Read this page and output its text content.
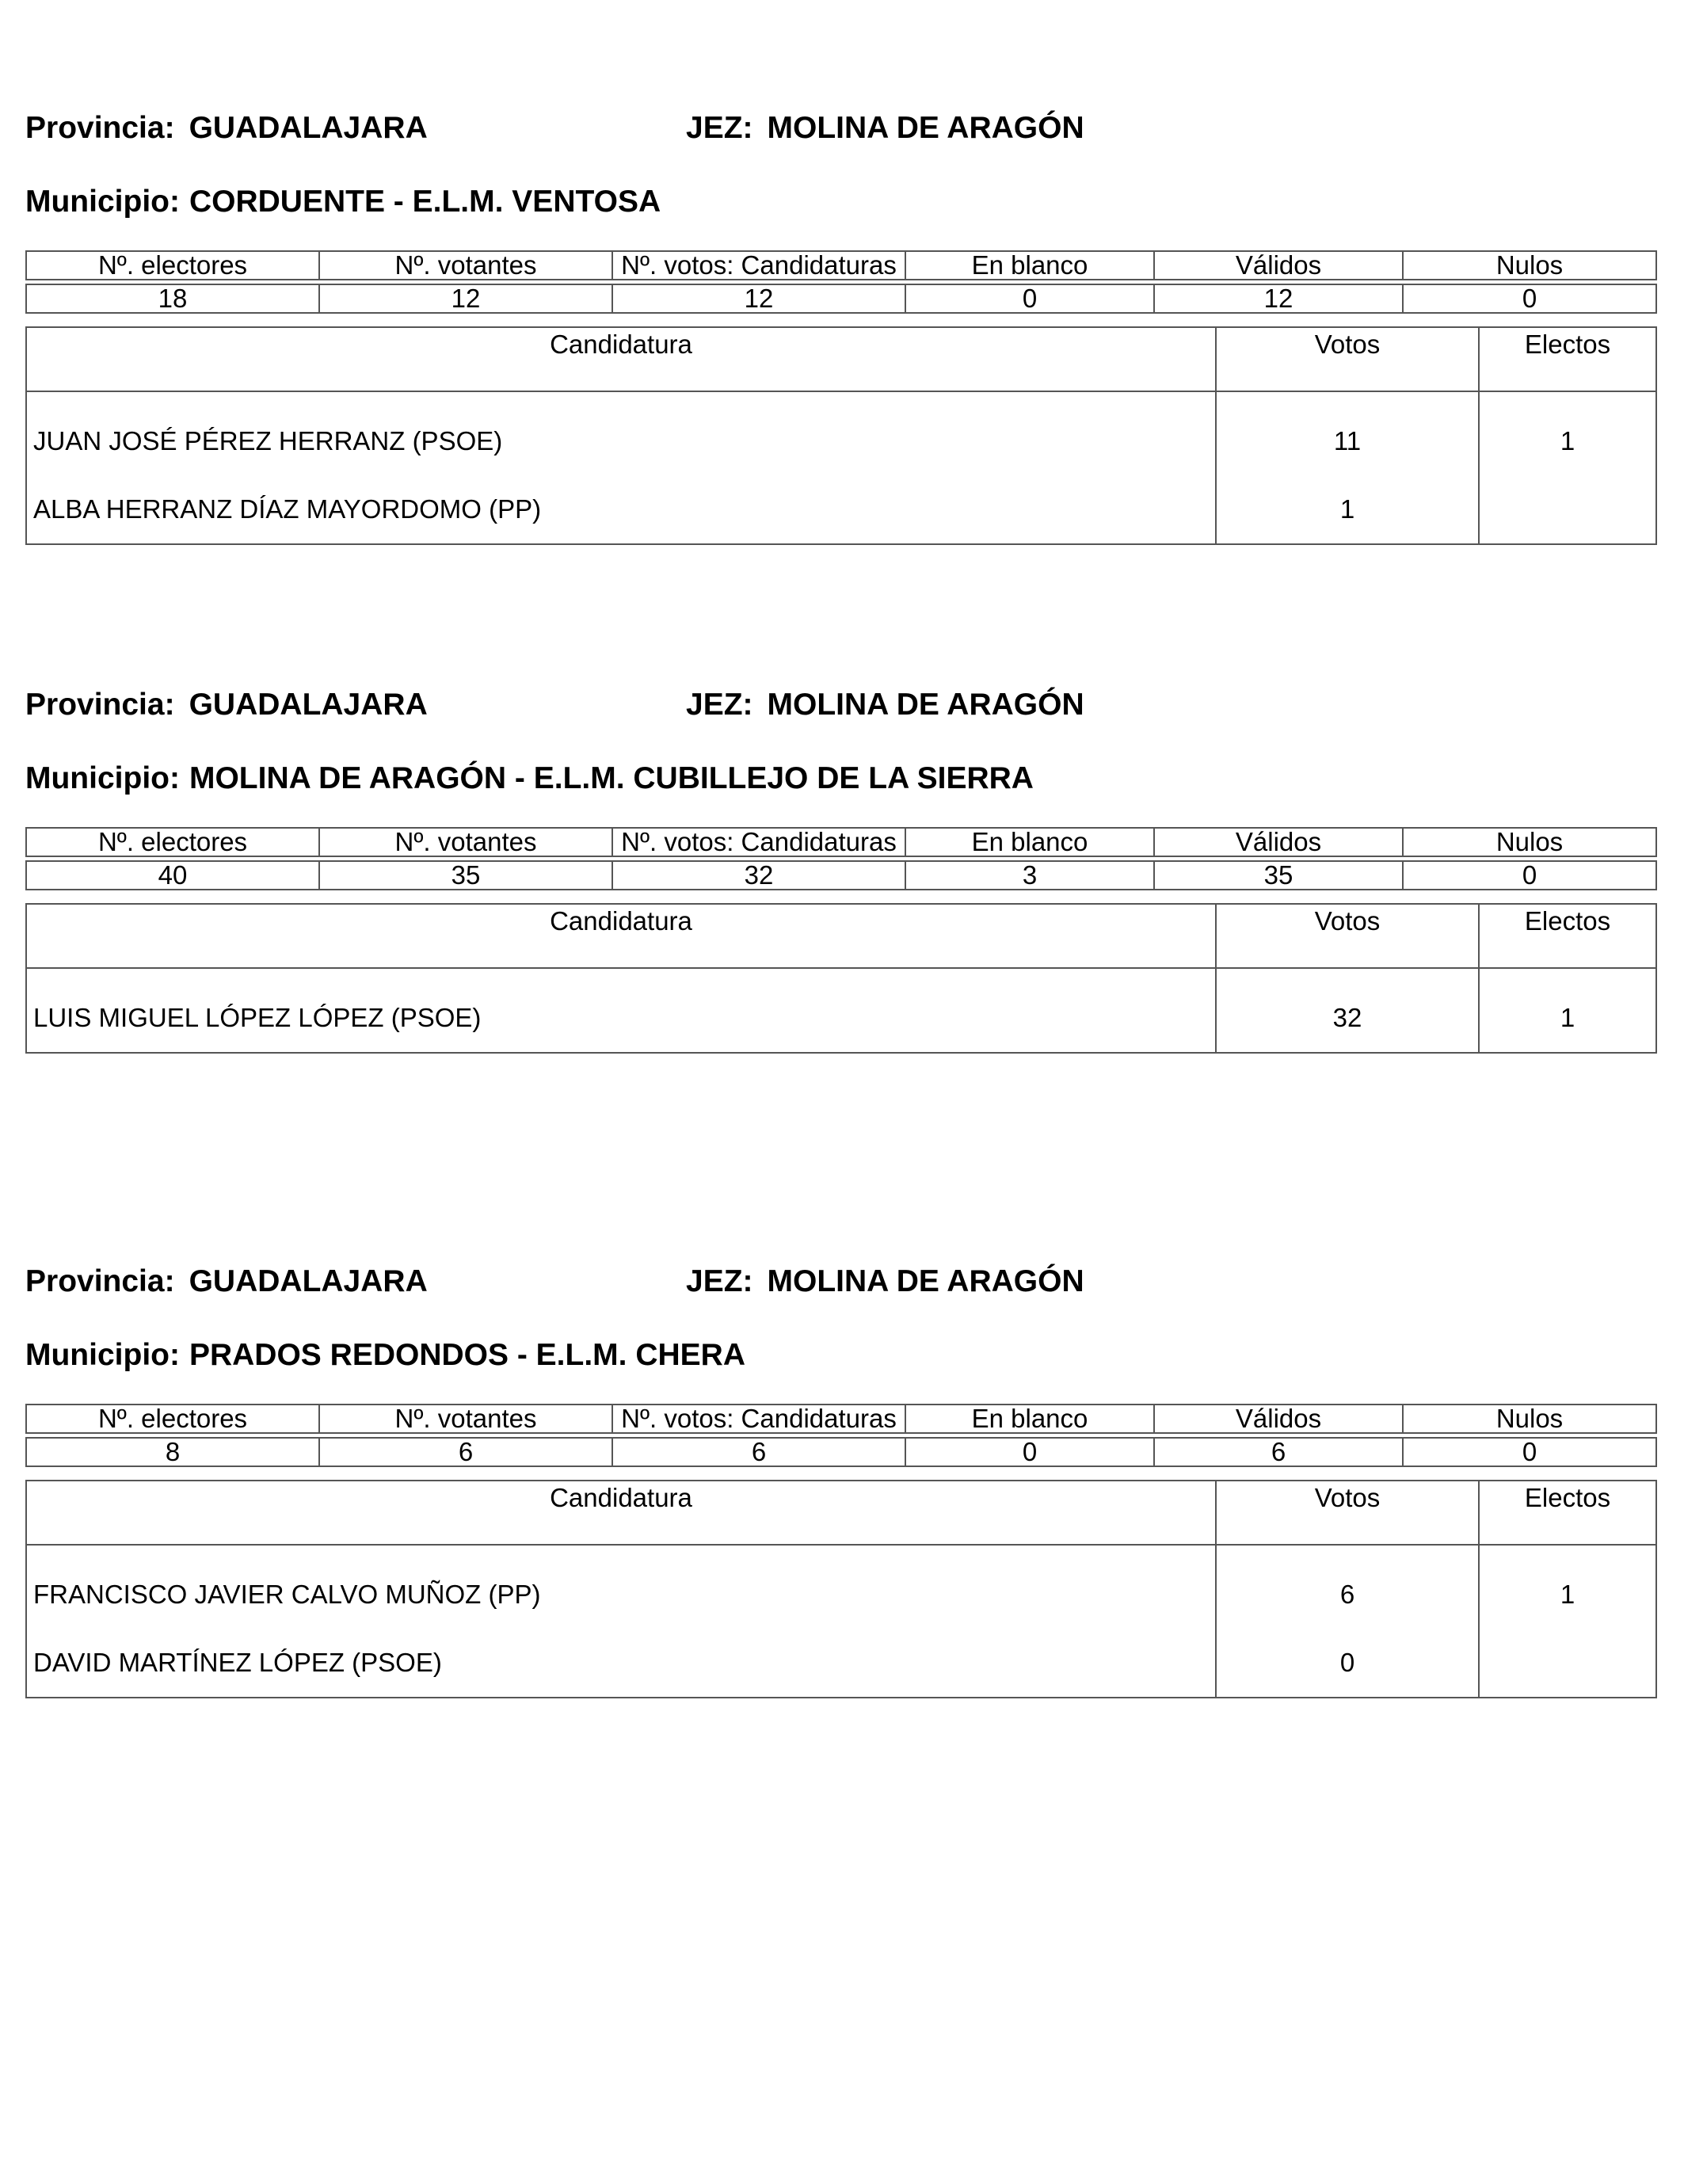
Provincia: GUADALAJARA	JEZ: MOLINA DE ARAGÓN
Municipio: CORDUENTE - E.L.M. VENTOSA
Nº. electores	Nº. votantes	Nº. votos: Candidaturas	En blanco	Válidos	Nulos

18	12	12	0	12	0
Candidatura	Votos	Electos
JUAN JOSÉ PÉREZ HERRANZ (PSOE)	11	1
ALBA HERRANZ DÍAZ MAYORDOMO (PP)	1	
Provincia: GUADALAJARA	JEZ: MOLINA DE ARAGÓN
Municipio: MOLINA DE ARAGÓN - E.L.M. CUBILLEJO DE LA SIERRA
Nº. electores	Nº. votantes	Nº. votos: Candidaturas	En blanco	Válidos	Nulos

40	35	32	3	35	0
Candidatura	Votos	Electos
LUIS MIGUEL LÓPEZ LÓPEZ (PSOE)	32	1
Provincia: GUADALAJARA	JEZ: MOLINA DE ARAGÓN
Municipio: PRADOS REDONDOS - E.L.M. CHERA
Nº. electores	Nº. votantes	Nº. votos: Candidaturas	En blanco	Válidos	Nulos

8	6	6	0	6	0
Candidatura	Votos	Electos
FRANCISCO JAVIER CALVO MUÑOZ (PP)	6	1
DAVID MARTÍNEZ LÓPEZ (PSOE)	0	
